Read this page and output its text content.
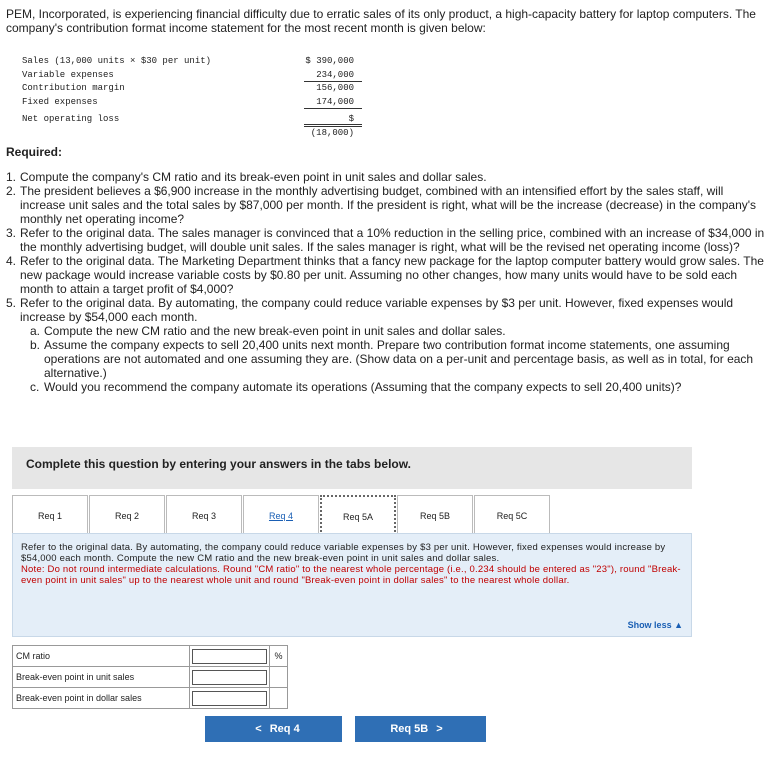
PEM, Incorporated, is experiencing financial difficulty due to erratic sales of its only product, a high-capacity battery for laptop computers. The company's contribution format income statement for the most recent month is given below:
Sales (13,000 units × $30 per unit)	$ 390,000
Variable expenses	234,000
Contribution margin	156,000
Fixed expenses	174,000
Net operating loss	$ (18,000)
Required:
1. Compute the company's CM ratio and its break-even point in unit sales and dollar sales.
2. The president believes a $6,900 increase in the monthly advertising budget, combined with an intensified effort by the sales staff, will increase unit sales and the total sales by $87,000 per month. If the president is right, what will be the increase (decrease) in the company's monthly net operating income?
3. Refer to the original data. The sales manager is convinced that a 10% reduction in the selling price, combined with an increase of $34,000 in the monthly advertising budget, will double unit sales. If the sales manager is right, what will be the revised net operating income (loss)?
4. Refer to the original data. The Marketing Department thinks that a fancy new package for the laptop computer battery would grow sales. The new package would increase variable costs by $0.80 per unit. Assuming no other changes, how many units would have to be sold each month to attain a target profit of $4,000?
5. Refer to the original data. By automating, the company could reduce variable expenses by $3 per unit. However, fixed expenses would increase by $54,000 each month.
a. Compute the new CM ratio and the new break-even point in unit sales and dollar sales.
b. Assume the company expects to sell 20,400 units next month. Prepare two contribution format income statements, one assuming operations are not automated and one assuming they are. (Show data on a per-unit and percentage basis, as well as in total, for each alternative.)
c. Would you recommend the company automate its operations (Assuming that the company expects to sell 20,400 units)?
Complete this question by entering your answers in the tabs below.
Req 1	Req 2	Req 3	Req 4	Req 5A	Req 5B	Req 5C

Refer to the original data. By automating, the company could reduce variable expenses by $3 per unit. However, fixed expenses would increase by $54,000 each month. Compute the new CM ratio and the new break-even point in unit sales and dollar sales.

Note: Do not round intermediate calculations. Round "CM ratio" to the nearest whole percentage (i.e., 0.234 should be entered as "23"), round "Break-even point in unit sales" up to the nearest whole unit and round "Break-even point in dollar sales" to the nearest whole dollar.

Show less ▲
CM ratio		%
Break-even point in unit sales	

Break-even point in dollar sales	

< Req 4	Req 5B >
